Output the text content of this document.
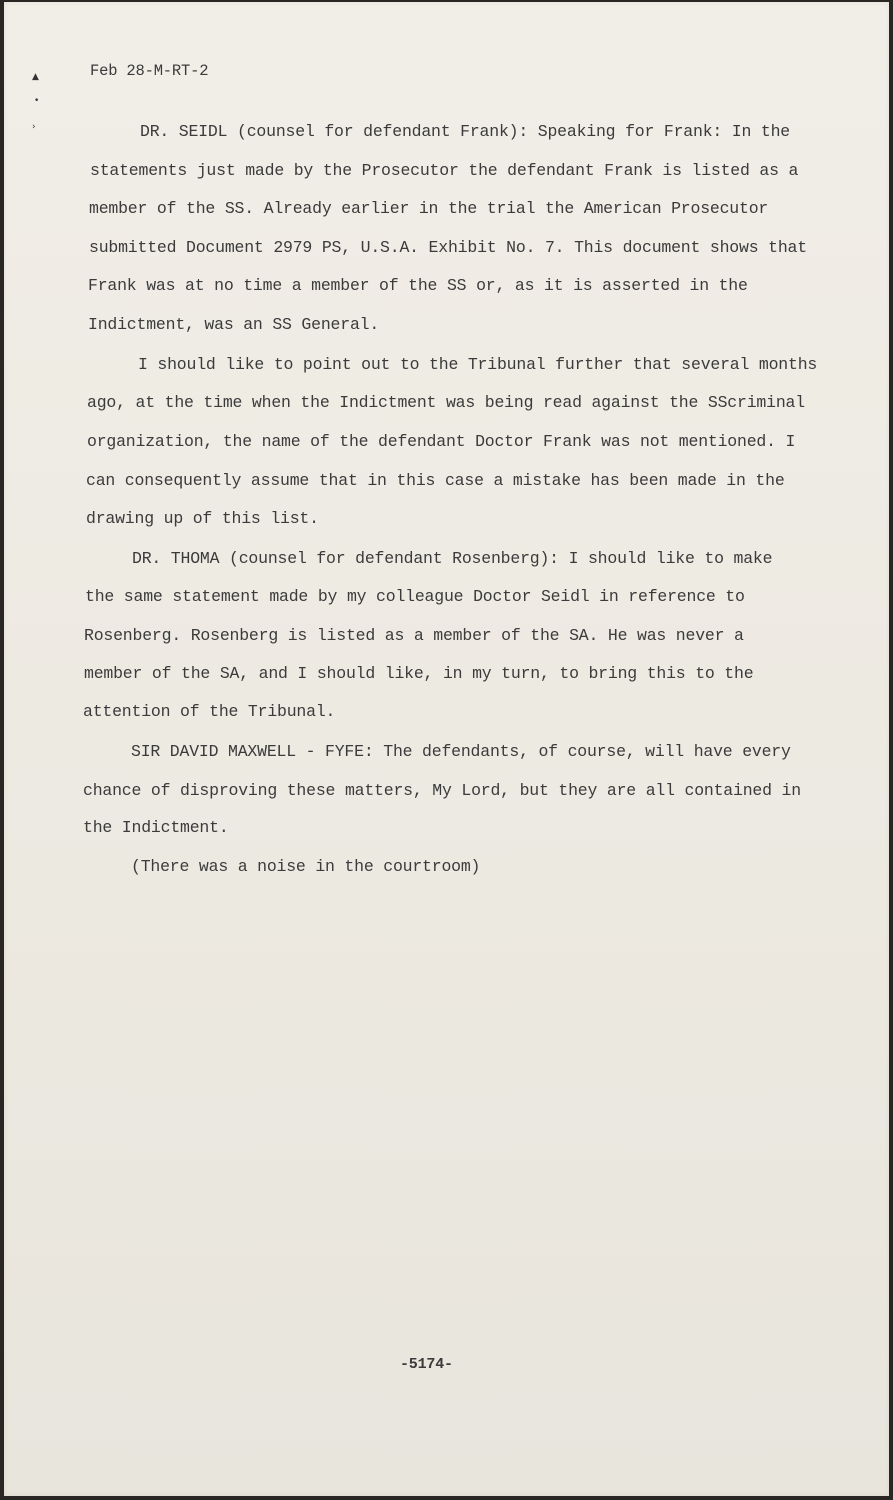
▲
•
›
Feb 28-M-RT-2
DR. SEIDL (counsel for defendant Frank): Speaking for Frank: In the
statements just made by the Prosecutor the defendant Frank is listed as a
member of the SS. Already earlier in the trial the American Prosecutor
submitted Document 2979 PS, U.S.A. Exhibit No. 7. This document shows that
Frank was at no time a member of the SS or, as it is asserted in the
Indictment, was an SS General.
I should like to point out to the Tribunal further that several months
ago, at the time when the Indictment was being read against the SScriminal
organization, the name of the defendant Doctor Frank was not mentioned. I
can consequently assume that in this case a mistake has been made in the
drawing up of this list.
DR. THOMA (counsel for defendant Rosenberg): I should like to make
the same statement made by my colleague Doctor Seidl in reference to
Rosenberg. Rosenberg is listed as a member of the SA. He was never a
member of the SA, and I should like, in my turn, to bring this to the
attention of the Tribunal.
SIR DAVID MAXWELL - FYFE: The defendants, of course, will have every
chance of disproving these matters, My Lord, but they are all contained in
the Indictment.
(There was a noise in the courtroom)
-5174-
